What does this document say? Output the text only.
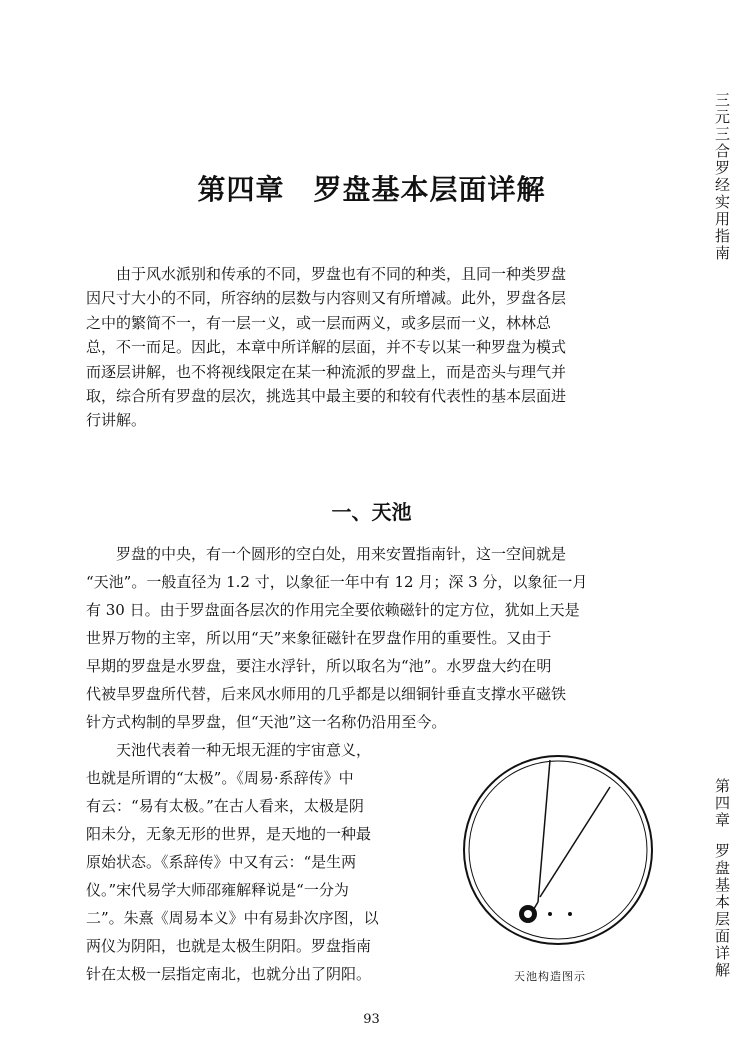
三元三合罗经实用指南
第四章罗盘基本层面详解
第四章　罗盘基本层面详解
由于风水派别和传承的不同，罗盘也有不同的种类，且同一种类罗盘
因尺寸大小的不同，所容纳的层数与内容则又有所增减。此外，罗盘各层
之中的繁简不一，有一层一义，或一层而两义，或多层而一义，林林总
总，不一而足。因此，本章中所详解的层面，并不专以某一种罗盘为模式
而逐层讲解，也不将视线限定在某一种流派的罗盘上，而是峦头与理气并
取，综合所有罗盘的层次，挑选其中最主要的和较有代表性的基本层面进
行讲解。
一、天池
罗盘的中央，有一个圆形的空白处，用来安置指南针，这一空间就是
“天池”。一般直径为 1.2 寸，以象征一年中有 12 月；深 3 分，以象征一月
有 30 日。由于罗盘面各层次的作用完全要依赖磁针的定方位，犹如上天是
世界万物的主宰，所以用“天”来象征磁针在罗盘作用的重要性。又由于
早期的罗盘是水罗盘，要注水浮针，所以取名为“池”。水罗盘大约在明
代被旱罗盘所代替，后来风水师用的几乎都是以细铜针垂直支撑水平磁铁
针方式构制的旱罗盘，但“天池”这一名称仍沿用至今。
天池代表着一种无垠无涯的宇宙意义，
也就是所谓的“太极”。《周易·系辞传》中
有云：“易有太极。”在古人看来，太极是阴
阳未分，无象无形的世界，是天地的一种最
原始状态。《系辞传》中又有云：“是生两
仪。”宋代易学大师邵雍解释说是“一分为
二”。朱熹《周易本义》中有易卦次序图，以
两仪为阴阳，也就是太极生阴阳。罗盘指南
针在太极一层指定南北，也就分出了阴阳。	天池构造图示
93
